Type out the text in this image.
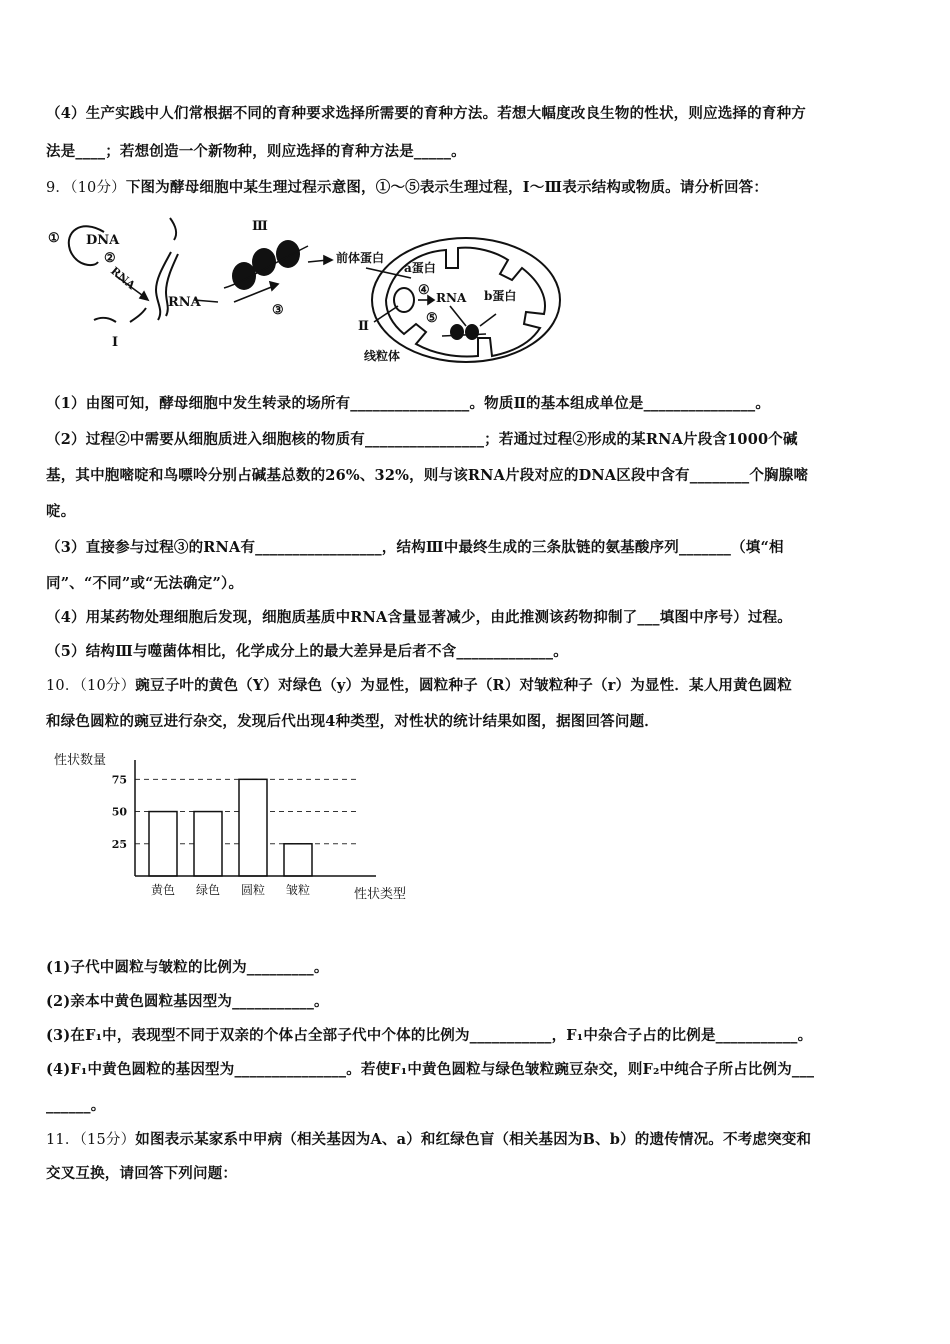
（4）生产实践中人们常根据不同的育种要求选择所需要的育种方法。若想大幅度改良生物的性状，则应选择的育种方
法是____；若想创造一个新物种，则应选择的育种方法是_____。
9．（10分）下图为酵母细胞中某生理过程示意图，①～⑤表示生理过程，Ⅰ～Ⅲ表示结构或物质。请分析回答：
① DNA
②
RNA
RNA
③
Ⅰ
Ⅲ
前体蛋白
a蛋白
④ RNA b蛋白
⑤
Ⅱ
线粒体
（1）由图可知，酵母细胞中发生转录的场所有________________。物质Ⅱ的基本组成单位是_______________。
（2）过程②中需要从细胞质进入细胞核的物质有________________；若通过过程②形成的某RNA片段含1000个碱
基，其中胞嘧啶和鸟嘌呤分别占碱基总数的26%、32%，则与该RNA片段对应的DNA区段中含有________个胸腺嘧
啶。
（3）直接参与过程③的RNA有_________________，结构Ⅲ中最终生成的三条肽链的氨基酸序列_______（填“相
同”、“不同”或“无法确定”）。
（4）用某药物处理细胞后发现，细胞质基质中RNA含量显著减少，由此推测该药物抑制了___填图中序号）过程。
（5）结构Ⅲ与噬菌体相比，化学成分上的最大差异是后者不含_____________。
10．（10分）豌豆子叶的黄色（Y）对绿色（y）为显性，圆粒种子（R）对皱粒种子（r）为显性．某人用黄色圆粒
和绿色圆粒的豌豆进行杂交，发现后代出现4种类型，对性状的统计结果如图，据图回答问题．
性状数量
性状类型
25
50
75
黄色 绿色 圆粒 皱粒
(1)子代中圆粒与皱粒的比例为_________。
(2)亲本中黄色圆粒基因型为___________。
(3)在F₁中，表现型不同于双亲的个体占全部子代中个体的比例为___________，F₁中杂合子占的比例是___________。
(4)F₁中黄色圆粒的基因型为_______________。若使F₁中黄色圆粒与绿色皱粒豌豆杂交，则F₂中纯合子所占比例为___
______。
11．（15分）如图表示某家系中甲病（相关基因为A、a）和红绿色盲（相关基因为B、b）的遗传情况。不考虑突变和
交叉互换，请回答下列问题：
